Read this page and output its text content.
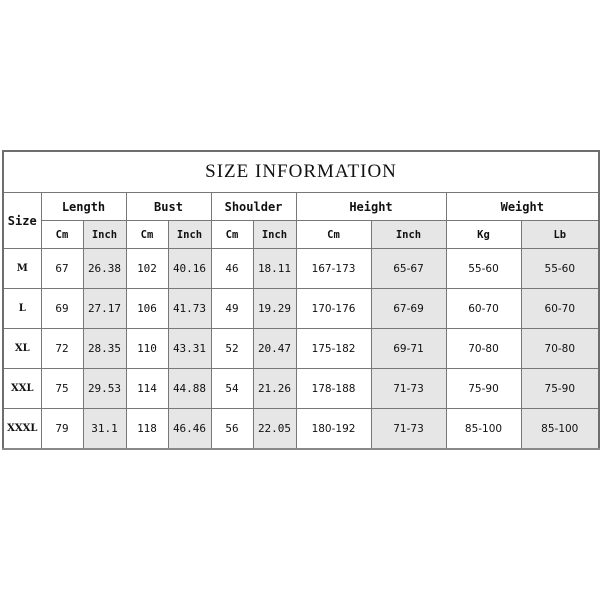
SIZE INFORMATION										
Size	Length		Bust		Shoulder		Height		Weight	
	Cm	Inch	Cm	Inch	Cm	Inch	Cm	Inch	Kg	Lb
M	67	26.38	102	40.16	46	18.11	167-173	65-67	55-60	55-60
L	69	27.17	106	41.73	49	19.29	170-176	67-69	60-70	60-70
XL	72	28.35	110	43.31	52	20.47	175-182	69-71	70-80	70-80
XXL	75	29.53	114	44.88	54	21.26	178-188	71-73	75-90	75-90
XXXL	79	31.1	118	46.46	56	22.05	180-192	71-73	85-100	85-100
